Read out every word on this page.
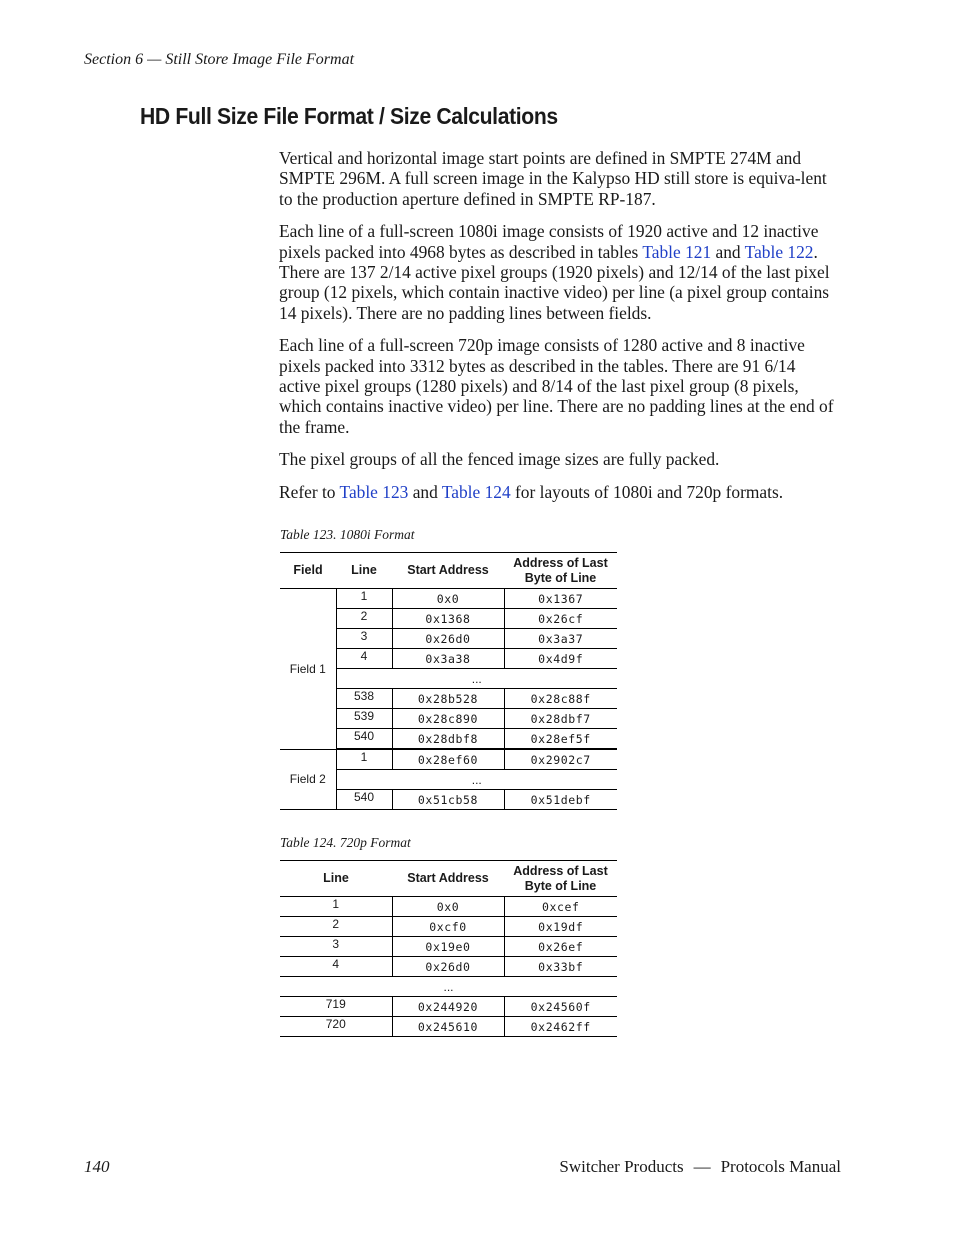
Section 6 — Still Store Image File Format
HD Full Size File Format / Size Calculations

Vertical and horizontal image start points are defined in SMPTE 274M and SMPTE 296M. A full screen image in the Kalypso HD still store is equiva-lent to the production aperture defined in SMPTE RP-187.

Each line of a full-screen 1080i image consists of 1920 active and 12 inactive pixels packed into 4968 bytes as described in tables Table 121 and Table 122. There are 137 2/14 active pixel groups (1920 pixels) and 12/14 of the last pixel group (12 pixels, which contain inactive video) per line (a pixel group contains 14 pixels). There are no padding lines between fields.

Each line of a full-screen 720p image consists of 1280 active and 8 inactive pixels packed into 3312 bytes as described in the tables. There are 91 6/14 active pixel groups (1280 pixels) and 8/14 of the last pixel group (8 pixels, which contains inactive video) per line. There are no padding lines at the end of the frame.

The pixel groups of all the fenced image sizes are fully packed.

Refer to Table 123 and Table 124 for layouts of 1080i and 720p formats.

Table 123. 1080i Format
Field	Line	Start Address	Address of Last Byte of Line
Field 1	1	0x0	0x1367
	2	0x1368	0x26cf
	3	0x26d0	0x3a37
	4	0x3a38	0x4d9f
	...		
	538	0x28b528	0x28c88f
	539	0x28c890	0x28dbf7
	540	0x28dbf8	0x28ef5f
Field 2	1	0x28ef60	0x2902c7
	...		
	540	0x51cb58	0x51debf
Table 124. 720p Format
Line	Start Address	Address of Last Byte of Line
1	0x0	0xcef
2	0xcf0	0x19df
3	0x19e0	0x26ef
4	0x26d0	0x33bf
...		
719	0x244920	0x24560f
720	0x245610	0x2462ff
140	Switcher Products — Protocols Manual
